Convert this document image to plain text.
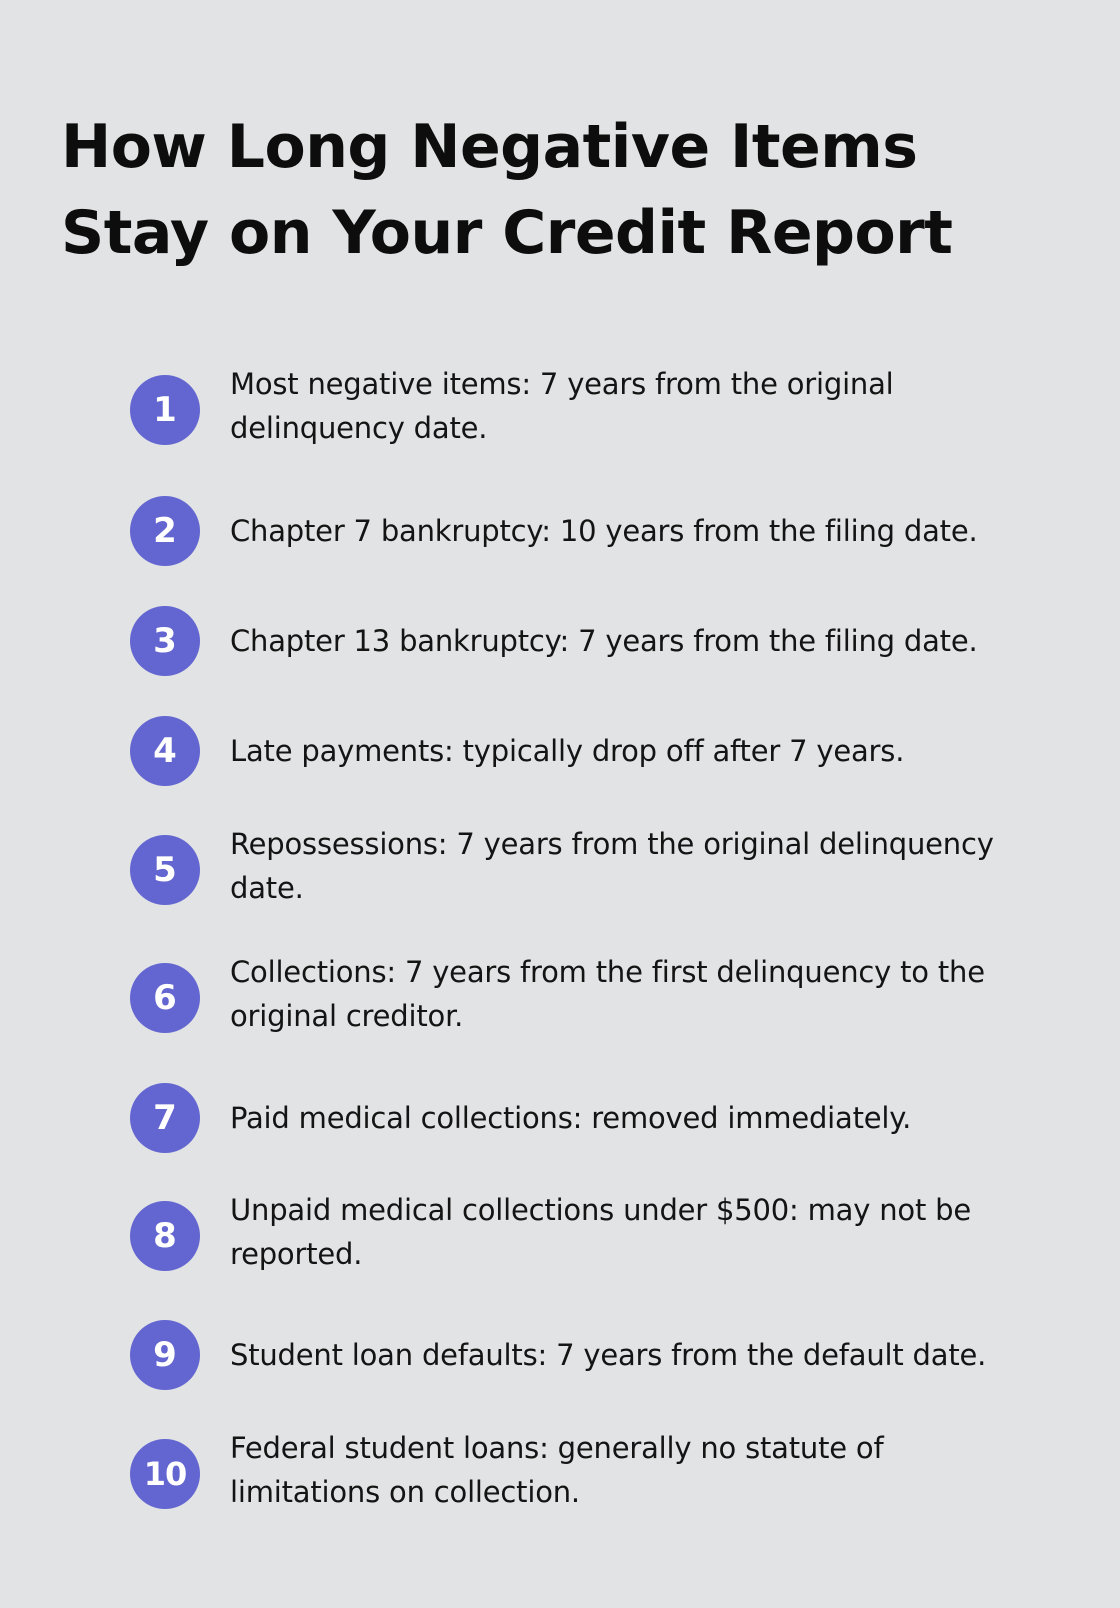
How Long Negative Items Stay on Your Credit Report
1

Most negative items: 7 years from the original delinquency date.

2	Chapter 7 bankruptcy: 10 years from the filing date.

3	Chapter 13 bankruptcy: 7 years from the filing date.

4	Late payments: typically drop off after 7 years.

5

Repossessions: 7 years from the original delinquency date.

6

Collections: 7 years from the first delinquency to the original creditor.

7	Paid medical collections: removed immediately.

8

Unpaid medical collections under $500: may not be reported.

9	Student loan defaults: 7 years from the default date.

10

Federal student loans: generally no statute of limitations on collection.
